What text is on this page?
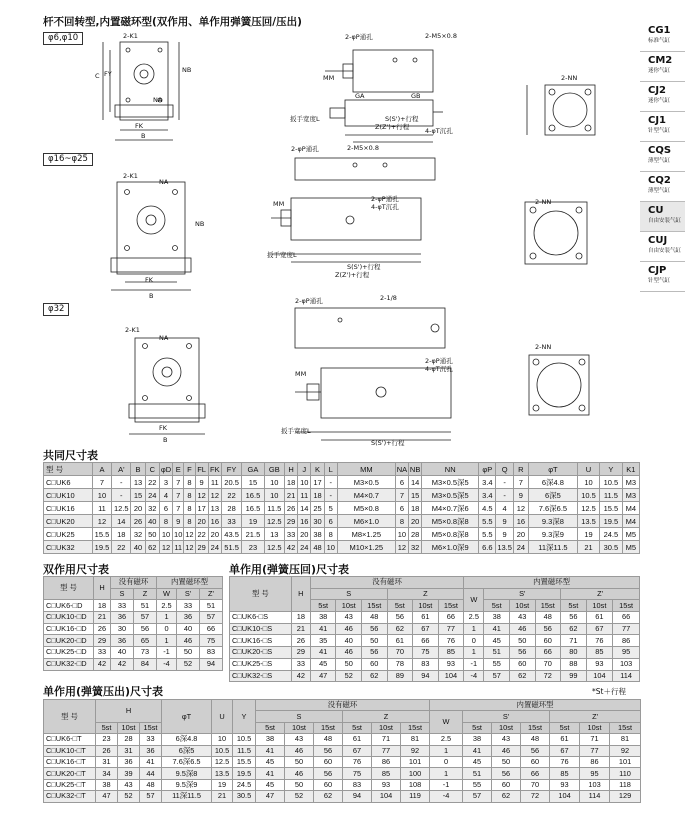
杆不回转型,内置磁环型(双作用、单作用弹簧压回/压出)
φ6,φ10
φ16~φ25
φ32
2-K1
C FY	NB
NA
FK
B
2-φP通孔	2-M5×0.8
2-NN
MM
GA	GB
扳手宽度L	S(S')+行程
Z(Z')+行程 4-φT沉孔
2-K1
NA
NB
FK
B
2-φP通孔	2-M5×0.8
2-φP通孔
4-φT沉孔
MM
扳手宽度L
S(S')+行程
Z(Z')+行程
2-NN
2-K1
NA
FK
B
2-φP通孔	2-1/8
2-φP通孔
4-φT沉孔
MM
扳手宽度L
S(S')+行程
2-NN
CG1
标准气缸
CM2
迷你气缸
CJ2
迷你气缸
CJ1
针型气缸
CQS
薄型气缸
CQ2
薄型气缸
CU
自由安装气缸
CUJ
自由安装气缸
CJP
针型气缸
共同尺寸表
型 号	A	A'	B	C	φD	E	F	FL	FK	FY	GA	GB	H	J	K	L	MM	NA	NB	NN	φP	Q	R	φT	U	Y	K1
C□UK6	7	-	13	22	3	7	8	9	11	20.5	15	10	18	10	17	-	M3×0.5	6	14	M3×0.5深5	3.4	-	7	6深4.8	10	10.5	M3
C□UK10	10	-	15	24	4	7	8	12	12	22	16.5	10	21	11	18	-	M4×0.7	7	15	M3×0.5深5	3.4	-	9	6深5	10.5	11.5	M3
C□UK16	11	12.5	20	32	6	7	8	17	13	28	16.5	11.5	26	14	25	5	M5×0.8	6	18	M4×0.7深6	4.5	4	12	7.6深6.5	12.5	15.5	M4
C□UK20	12	14	26	40	8	9	8	20	16	33	19	12.5	29	16	30	6	M6×1.0	8	20	M5×0.8深8	5.5	9	16	9.3深8	13.5	19.5	M4
C□UK25	15.5	18	32	50	10	10	12	22	20	43.5	21.5	13	33	20	38	8	M8×1.25	10	28	M5×0.8深8	5.5	9	20	9.3深9	19	24.5	M5
C□UK32	19.5	22	40	62	12	11	12	29	24	51.5	23	12.5	42	24	48	10	M10×1.25	12	32	M6×1.0深9	6.6	13.5	24	11深11.5	21	30.5	M5
双作用尺寸表
型 号	H	没有磁环		内置磁环型		
		S	Z	W	S'	Z'
C□UK6-□D	18	33	51	2.5	33	51
C□UK10-□D	21	36	57	1	36	57
C□UK16-□D	26	30	56	0	40	66
C□UK20-□D	29	36	65	1	46	75
C□UK25-□D	33	40	73	-1	50	83
C□UK32-□D	42	42	84	-4	52	94
单作用(弹簧压回)尺寸表
型 号	H	没有磁环						内置磁环型						
		S			Z			W	S'			Z'		
		5st	10st	15st	5st	10st	15st		5st	10st	15st	5st	10st	15st
C□UK6-□S	18	38	43	48	56	61	66	2.5	38	43	48	56	61	66
C□UK10-□S	21	41	46	56	62	67	77	1	41	46	56	62	67	77
C□UK16-□S	26	35	40	50	61	66	76	0	45	50	60	71	76	86
C□UK20-□S	29	41	46	56	70	75	85	1	51	56	66	80	85	95
C□UK25-□S	33	45	50	60	78	83	93	-1	55	60	70	88	93	103
C□UK32-□S	42	47	52	62	89	94	104	-4	57	62	72	99	104	114
单作用(弹簧压出)尺寸表	*St＋行程
型 号	H			φT	U	Y	没有磁环						内置磁环型						
							S			Z			W	S'			Z'		
	5st	10st	15st				5st	10st	15st	5st	10st	15st		5st	10st	15st	5st	10st	15st
C□UK6-□T	23	28	33	6深4.8	10	10.5	38	43	48	61	71	81	2.5	38	43	48	61	71	81
C□UK10-□T	26	31	36	6深5	10.5	11.5	41	46	56	67	77	92	1	41	46	56	67	77	92
C□UK16-□T	31	36	41	7.6深6.5	12.5	15.5	45	50	60	76	86	101	0	45	50	60	76	86	101
C□UK20-□T	34	39	44	9.5深8	13.5	19.5	41	46	56	75	85	100	1	51	56	66	85	95	110
C□UK25-□T	38	43	48	9.5深9	19	24.5	45	50	60	83	93	108	-1	55	60	70	93	103	118
C□UK32-□T	47	52	57	11深11.5	21	30.5	47	52	62	94	104	119	-4	57	62	72	104	114	129
